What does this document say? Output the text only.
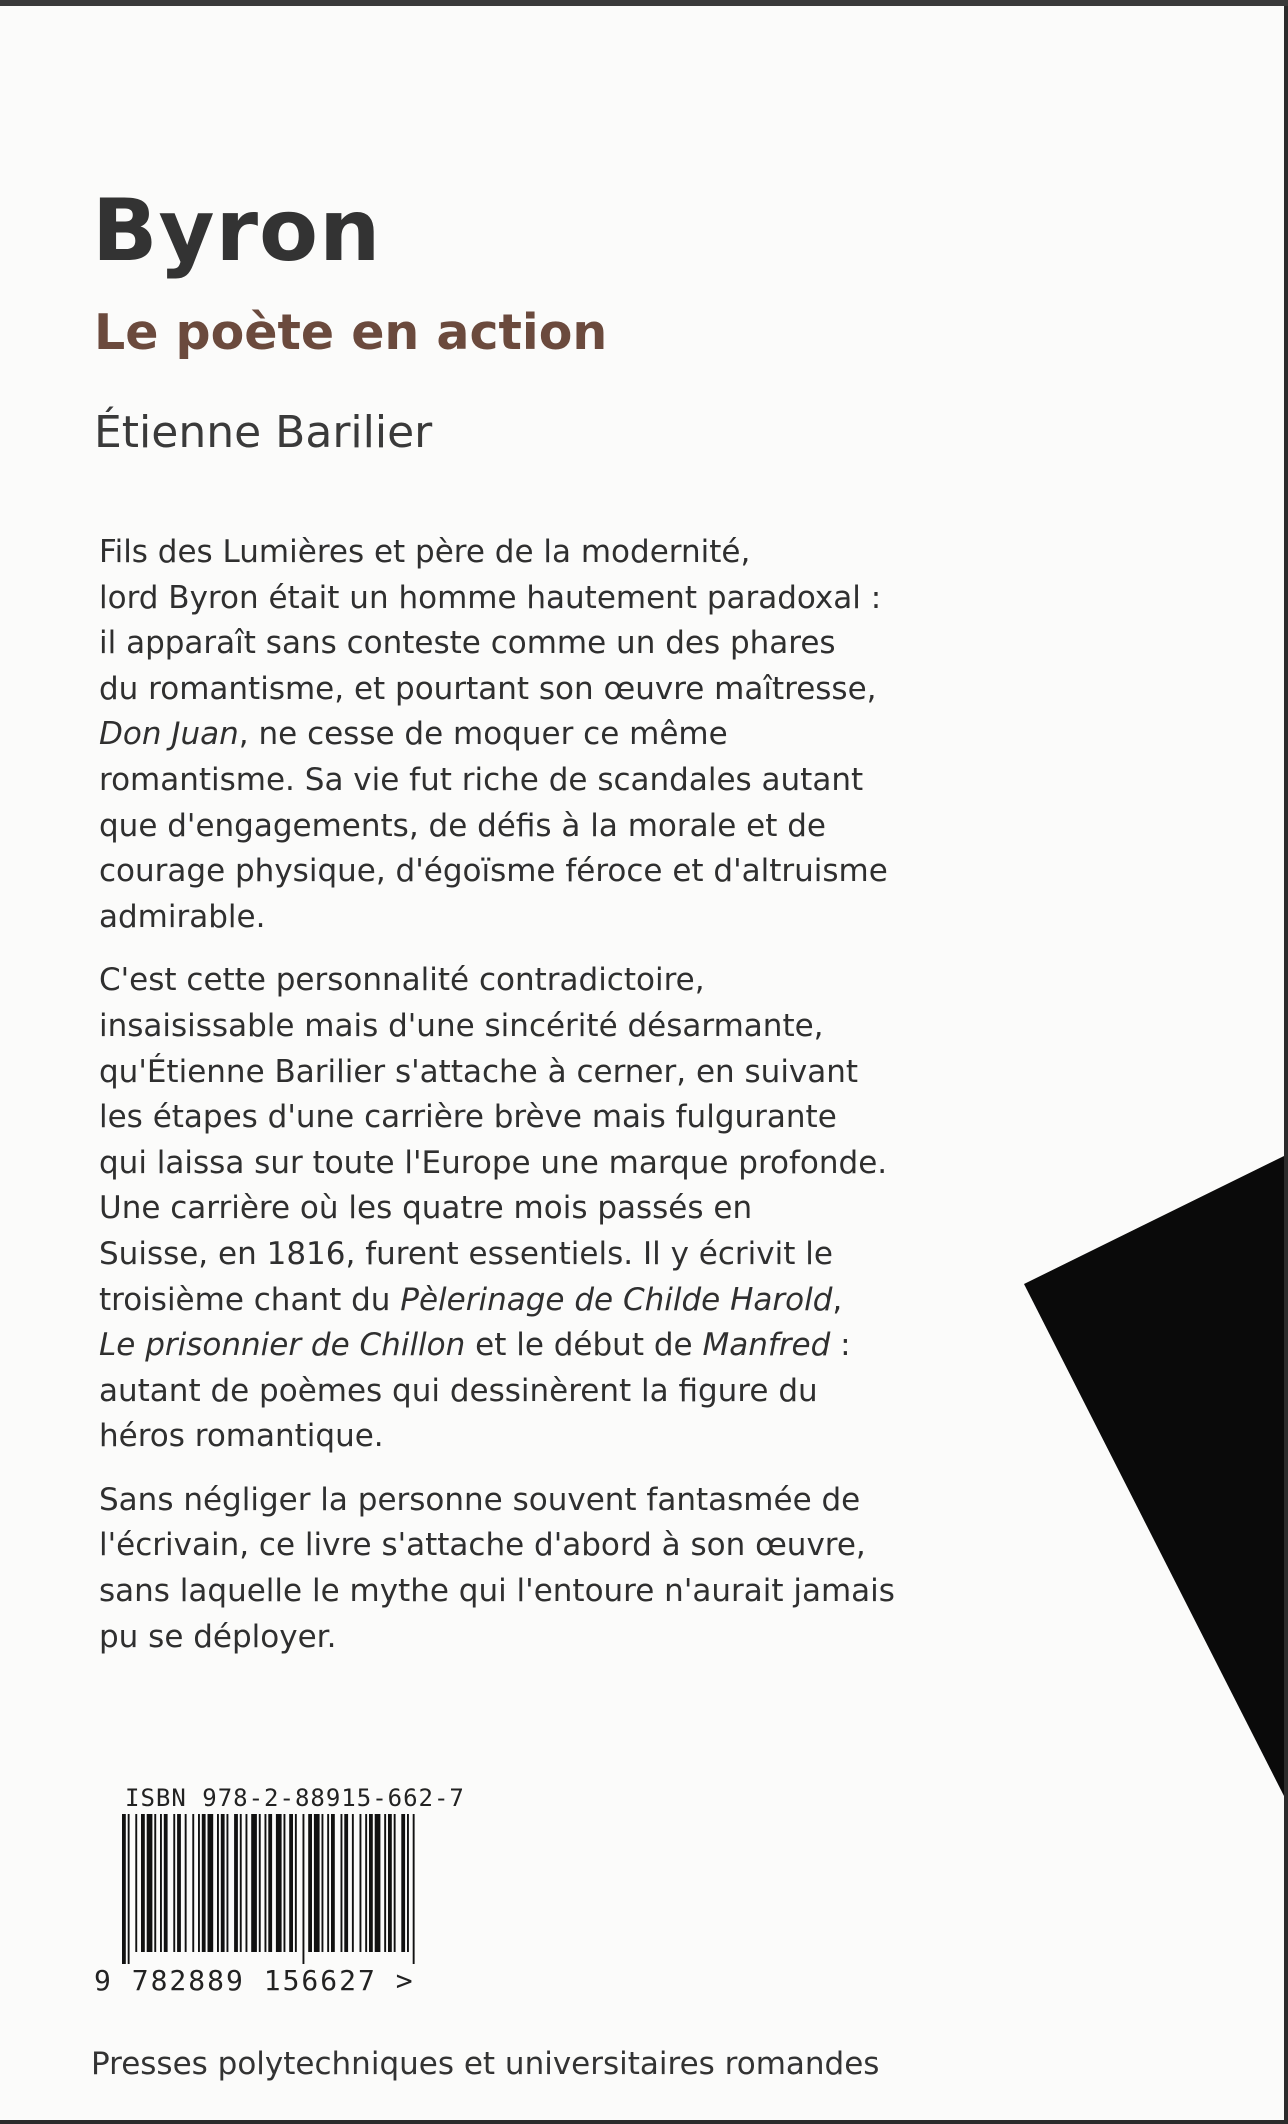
Byron
Le poète en action
Étienne Barilier

Fils des Lumières et père de la modernité,
lord Byron était un homme hautement paradoxal :
il apparaît sans conteste comme un des phares
du romantisme, et pourtant son œuvre maîtresse,
Don Juan, ne cesse de moquer ce même
romantisme. Sa vie fut riche de scandales autant
que d'engagements, de défis à la morale et de
courage physique, d'égoïsme féroce et d'altruisme
admirable.

C'est cette personnalité contradictoire,
insaisissable mais d'une sincérité désarmante,
qu'Étienne Barilier s'attache à cerner, en suivant
les étapes d'une carrière brève mais fulgurante
qui laissa sur toute l'Europe une marque profonde.
Une carrière où les quatre mois passés en
Suisse, en 1816, furent essentiels. Il y écrivit le
troisième chant du Pèlerinage de Childe Harold,
Le prisonnier de Chillon et le début de Manfred :
autant de poèmes qui dessinèrent la figure du
héros romantique.

Sans négliger la personne souvent fantasmée de
l'écrivain, ce livre s'attache d'abord à son œuvre,
sans laquelle le mythe qui l'entoure n'aurait jamais
pu se déployer.

ISBN 978-2-88915-662-7
9 782889 156627 >
Presses polytechniques et universitaires romandes
